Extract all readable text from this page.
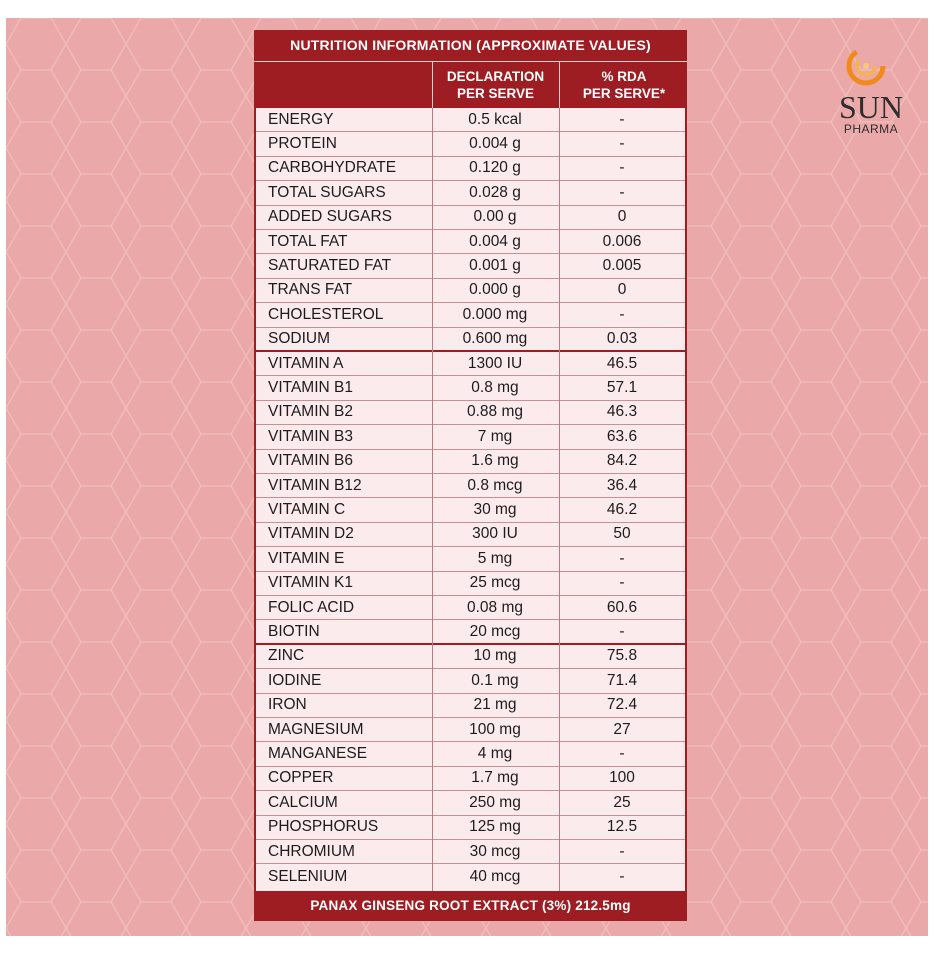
SUN
PHARMA
NUTRITION INFORMATION (APPROXIMATE VALUES)
DECLARATION
PER SERVE
% RDA
PER SERVE*
ENERGY	0.5 kcal	-
PROTEIN	0.004 g	-
CARBOHYDRATE	0.120 g	-
TOTAL SUGARS	0.028 g	-
ADDED SUGARS	0.00 g	0
TOTAL FAT	0.004 g	0.006
SATURATED FAT	0.001 g	0.005
TRANS FAT	0.000 g	0
CHOLESTEROL	0.000 mg	-
SODIUM	0.600 mg	0.03
VITAMIN A	1300 IU	46.5
VITAMIN B1	0.8 mg	57.1
VITAMIN B2	0.88 mg	46.3
VITAMIN B3	7 mg	63.6
VITAMIN B6	1.6 mg	84.2
VITAMIN B12	0.8 mcg	36.4
VITAMIN C	30 mg	46.2
VITAMIN D2	300 IU	50
VITAMIN E	5 mg	-
VITAMIN K1	25 mcg	-
FOLIC ACID	0.08 mg	60.6
BIOTIN	20 mcg	-
ZINC	10 mg	75.8
IODINE	0.1 mg	71.4
IRON	21 mg	72.4
MAGNESIUM	100 mg	27
MANGANESE	4 mg	-
COPPER	1.7 mg	100
CALCIUM	250 mg	25
PHOSPHORUS	125 mg	12.5
CHROMIUM	30 mcg	-
SELENIUM	40 mcg	-
PANAX GINSENG ROOT EXTRACT (3%) 212.5mg
